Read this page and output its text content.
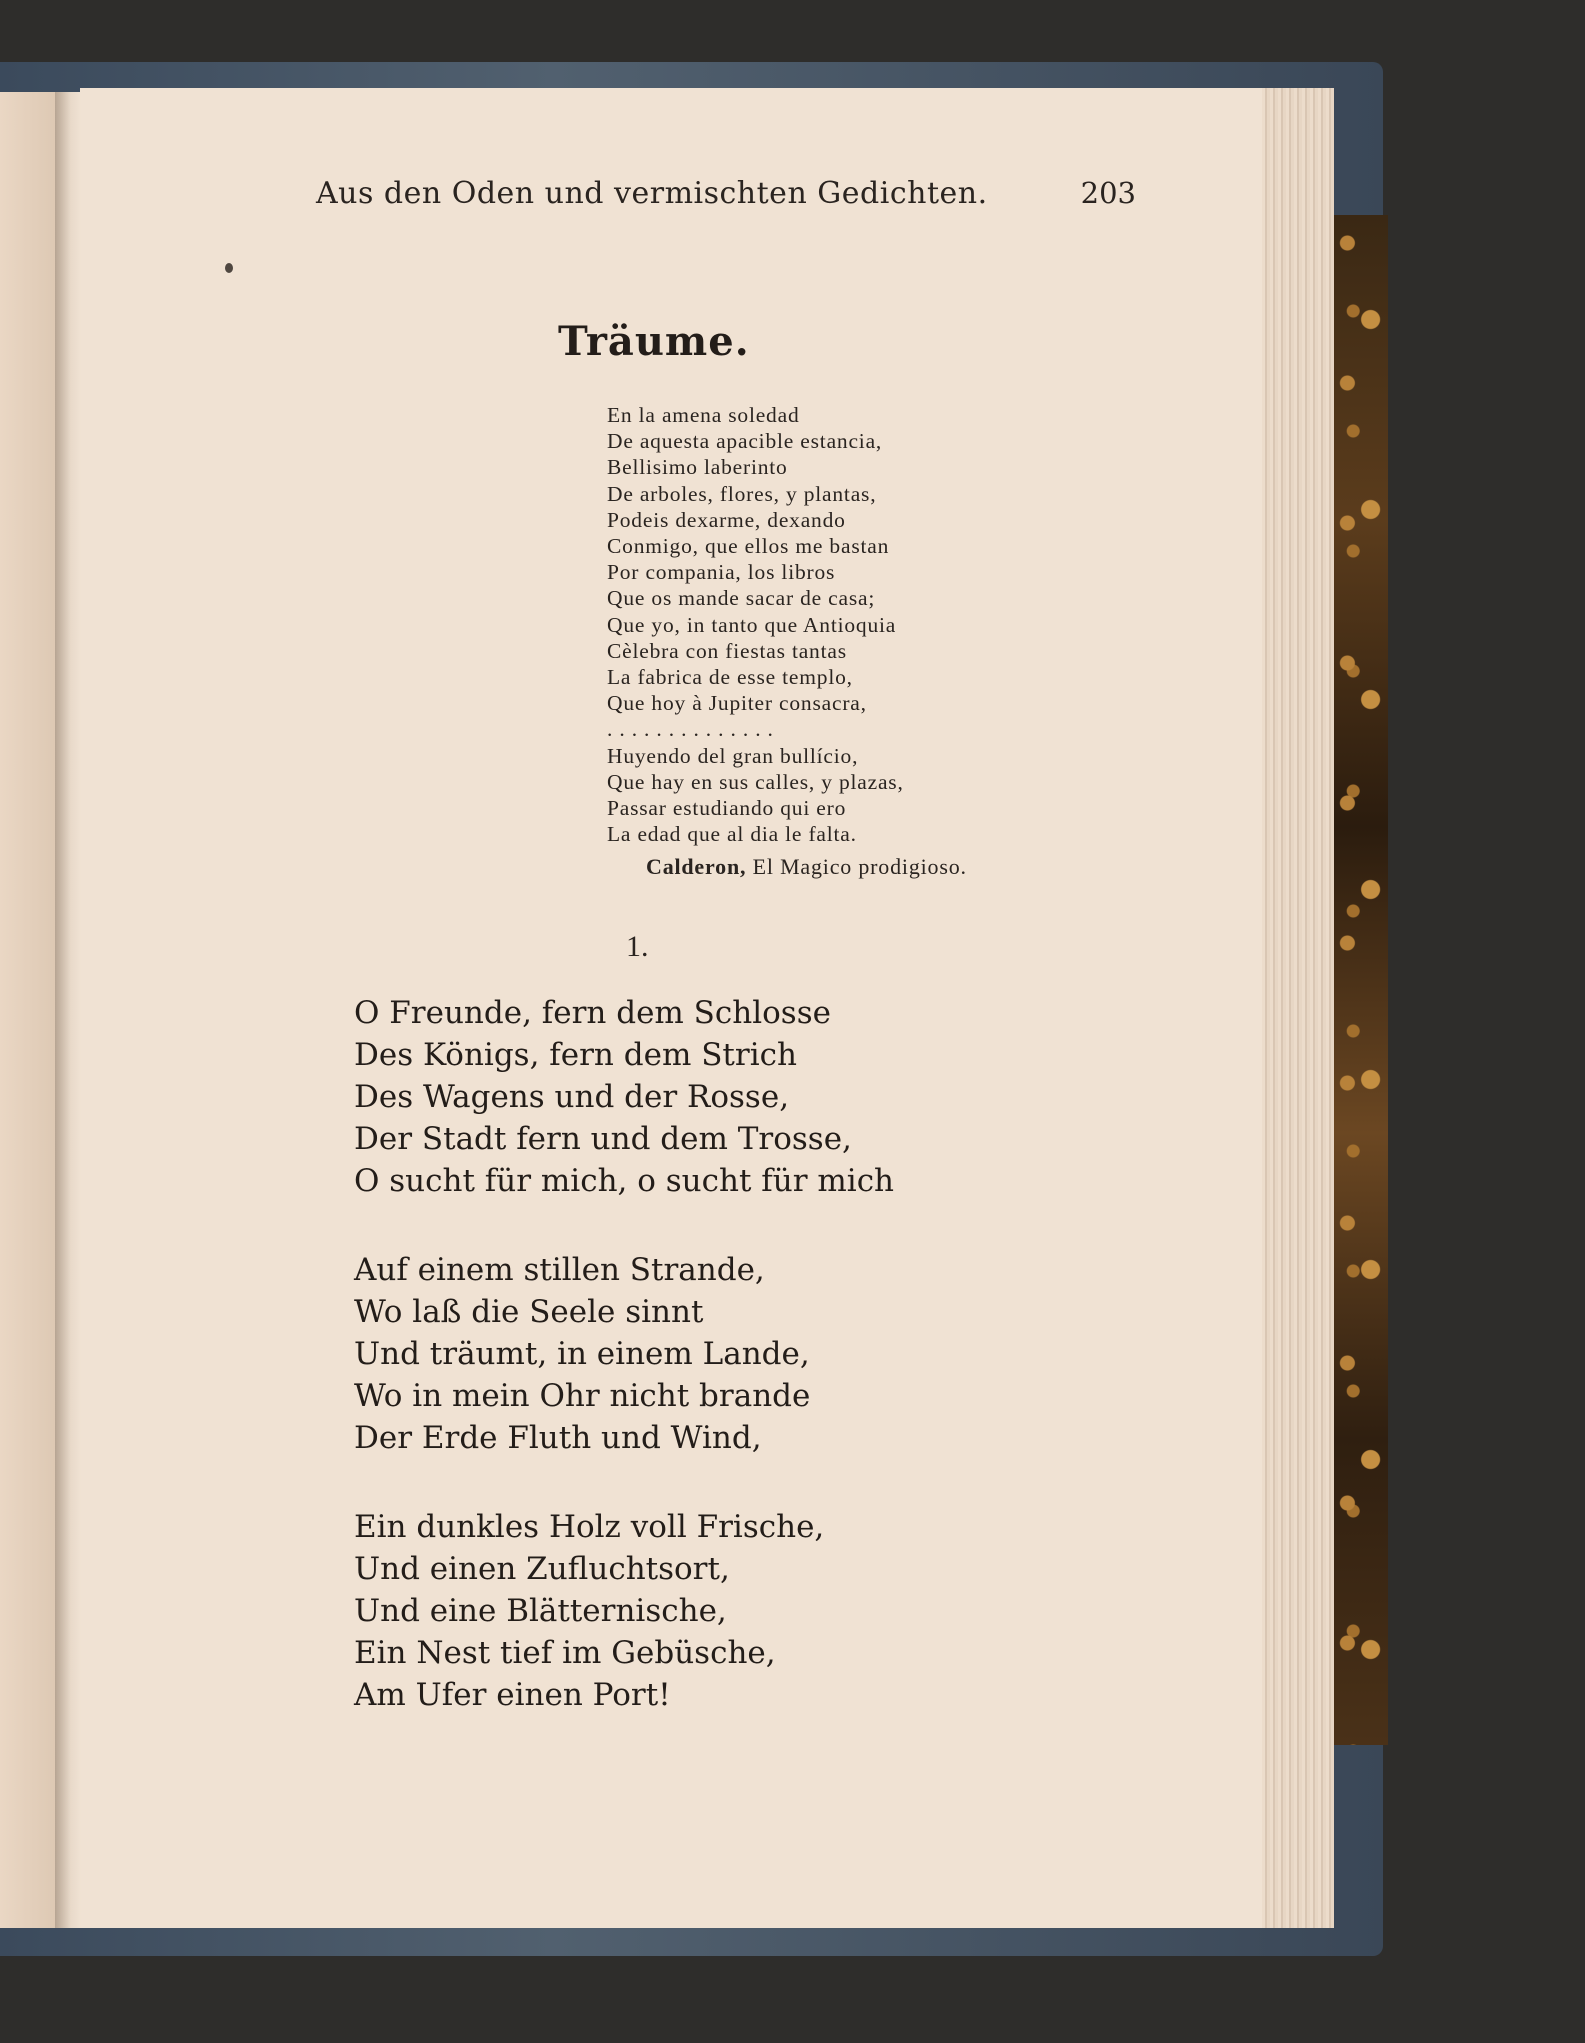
Aus den Oden und vermischten Gedichten.	203
Träume.
En la amena soledad
De aquesta apacible estancia,
Bellisimo laberinto
De arboles, flores, y plantas,
Podeis dexarme, dexando
Conmigo, que ellos me bastan
Por compania, los libros
Que os mande sacar de casa;
Que yo, in tanto que Antioquia
Cèlebra con fiestas tantas
La fabrica de esse templo,
Que hoy à Jupiter consacra,
. . . . . . . . . . . . . .
Huyendo del gran bullício,
Que hay en sus calles, y plazas,
Passar estudiando qui ero
La edad que al dia le falta.
Calderon, El Magico prodigioso.
1.
O Freunde, fern dem Schlosse
Des Königs, fern dem Strich
Des Wagens und der Rosse,
Der Stadt fern und dem Trosse,
O sucht für mich, o sucht für mich
Auf einem stillen Strande,
Wo laß die Seele sinnt
Und träumt, in einem Lande,
Wo in mein Ohr nicht brande
Der Erde Fluth und Wind,
Ein dunkles Holz voll Frische,
Und einen Zufluchtsort,
Und eine Blätternische,
Ein Nest tief im Gebüsche,
Am Ufer einen Port!
